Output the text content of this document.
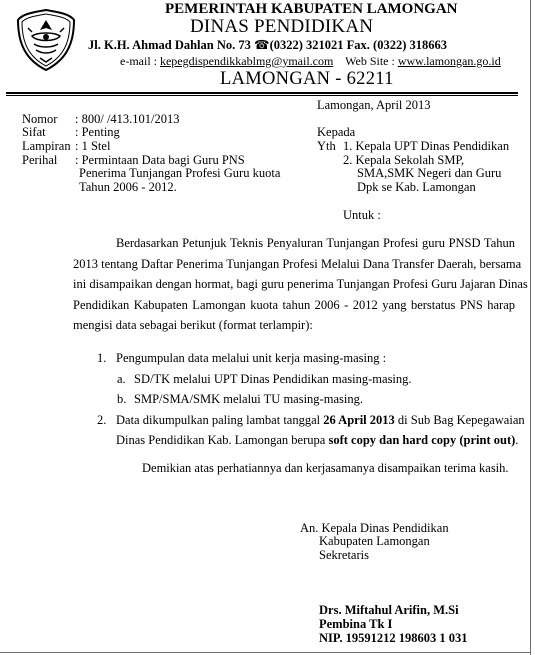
PEMERINTAH KABUPATEN LAMONGAN
DINAS PENDIDIKAN
Jl. K.H. Ahmad Dahlan No. 73 ☎(0322) 321021 Fax. (0322) 318663
e-mail : kepegdispendikkablmg@ymail.com Web Site : www.lamongan.go.id
LAMONGAN - 62211
Lamongan, April 2013
Nomor : 800/ /413.101/2013
Sifat : Penting
Lampiran : 1 Stel
Perihal : Permintaan Data bagi Guru PNS
Penerima Tunjangan Profesi Guru kuota
Tahun 2006 - 2012.
Kepada
Yth 1. Kepala UPT Dinas Pendidikan
2. Kepala Sekolah SMP,
SMA,SMK Negeri dan Guru
Dpk se Kab. Lamongan
Untuk :
Berdasarkan Petunjuk Teknis Penyaluran Tunjangan Profesi guru PNSD Tahun
2013 tentang Daftar Penerima Tunjangan Profesi Melalui Dana Transfer Daerah, bersama
ini disampaikan dengan hormat, bagi guru penerima Tunjangan Profesi Guru Jajaran Dinas
Pendidikan Kabupaten Lamongan kuota tahun 2006 - 2012 yang berstatus PNS harap
mengisi data sebagai berikut (format terlampir):
1. Pengumpulan data melalui unit kerja masing-masing :
a. SD/TK melalui UPT Dinas Pendidikan masing-masing.
b. SMP/SMA/SMK melalui TU masing-masing.
2. Data dikumpulkan paling lambat tanggal 26 April 2013 di Sub Bag Kepegawaian
Dinas Pendidikan Kab. Lamongan berupa soft copy dan hard copy (print out).
Demikian atas perhatiannya dan kerjasamanya disampaikan terima kasih.
An. Kepala Dinas Pendidikan
Kabupaten Lamongan
Sekretaris
Drs. Miftahul Arifin, M.Si
Pembina Tk I
NIP. 19591212 198603 1 031
